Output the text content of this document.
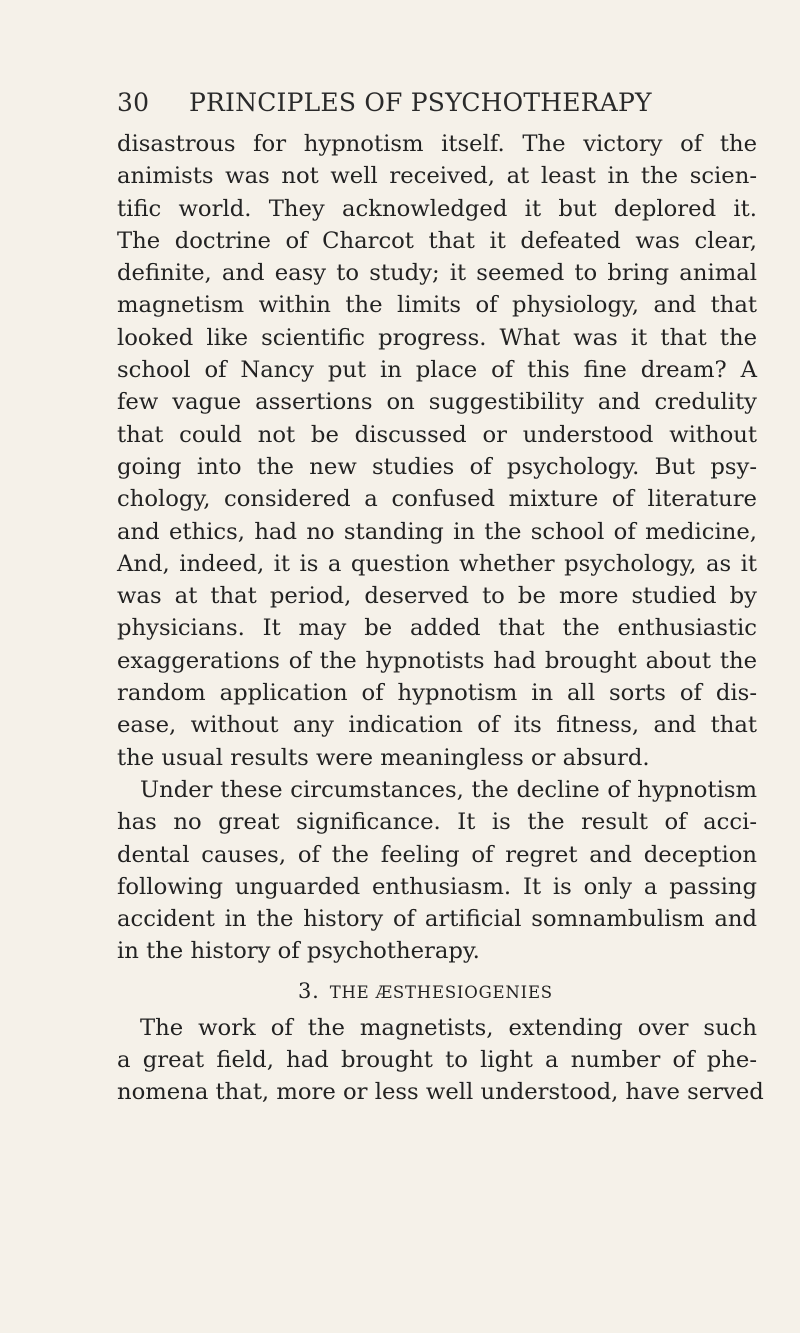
30	PRINCIPLES OF PSYCHOTHERAPY
disastrous for hypnotism itself. The victory of the
animists was not well received, at least in the scien-
tific world. They acknowledged it but deplored it.
The doctrine of Charcot that it defeated was clear,
definite, and easy to study; it seemed to bring animal
magnetism within the limits of physiology, and that
looked like scientific progress. What was it that the
school of Nancy put in place of this fine dream? A
few vague assertions on suggestibility and credulity
that could not be discussed or understood without
going into the new studies of psychology. But psy-
chology, considered a confused mixture of literature
and ethics, had no standing in the school of medicine,
And, indeed, it is a question whether psychology, as it
was at that period, deserved to be more studied by
physicians. It may be added that the enthusiastic
exaggerations of the hypnotists had brought about the
random application of hypnotism in all sorts of dis-
ease, without any indication of its fitness, and that
the usual results were meaningless or absurd.
Under these circumstances, the decline of hypnotism
has no great significance. It is the result of acci-
dental causes, of the feeling of regret and deception
following unguarded enthusiasm. It is only a passing
accident in the history of artificial somnambulism and
in the history of psychotherapy.
3. THE ÆSTHESIOGENIES
The work of the magnetists, extending over such
a great field, had brought to light a number of phe-
nomena that, more or less well understood, have served
